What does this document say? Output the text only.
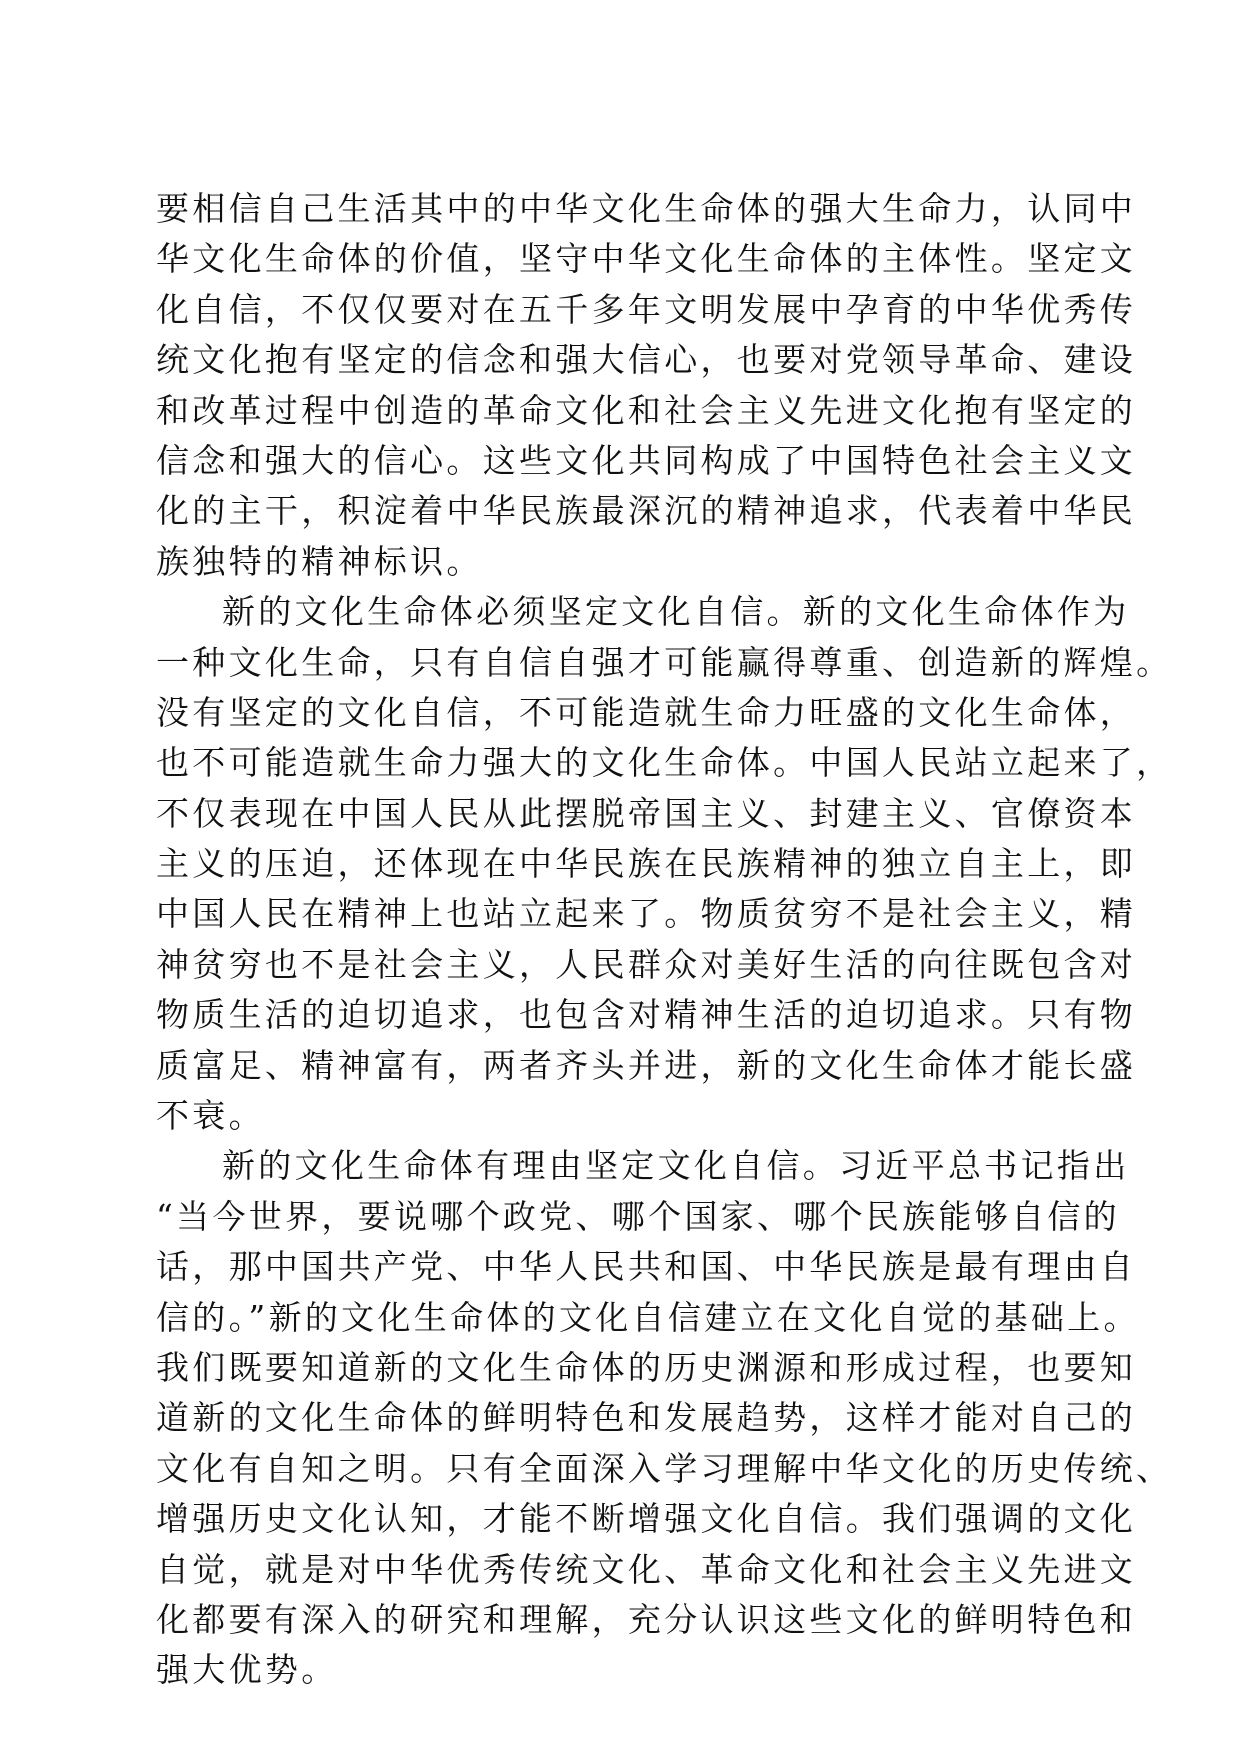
要相信自己生活其中的中华文化生命体的强大生命力，认同中
华文化生命体的价值，坚守中华文化生命体的主体性。坚定文
化自信，不仅仅要对在五千多年文明发展中孕育的中华优秀传
统文化抱有坚定的信念和强大信心，也要对党领导革命、建设
和改革过程中创造的革命文化和社会主义先进文化抱有坚定的
信念和强大的信心。这些文化共同构成了中国特色社会主义文
化的主干，积淀着中华民族最深沉的精神追求，代表着中华民
族独特的精神标识。
新的文化生命体必须坚定文化自信。新的文化生命体作为
一种文化生命，只有自信自强才可能赢得尊重、创造新的辉煌。
没有坚定的文化自信，不可能造就生命力旺盛的文化生命体，
也不可能造就生命力强大的文化生命体。中国人民站立起来了，
不仅表现在中国人民从此摆脱帝国主义、封建主义、官僚资本
主义的压迫，还体现在中华民族在民族精神的独立自主上，即
中国人民在精神上也站立起来了。物质贫穷不是社会主义，精
神贫穷也不是社会主义，人民群众对美好生活的向往既包含对
物质生活的迫切追求，也包含对精神生活的迫切追求。只有物
质富足、精神富有，两者齐头并进，新的文化生命体才能长盛
不衰。
新的文化生命体有理由坚定文化自信。习近平总书记指出
“当今世界，要说哪个政党、哪个国家、哪个民族能够自信的
话，那中国共产党、中华人民共和国、中华民族是最有理由自
信的。”新的文化生命体的文化自信建立在文化自觉的基础上。
我们既要知道新的文化生命体的历史渊源和形成过程，也要知
道新的文化生命体的鲜明特色和发展趋势，这样才能对自己的
文化有自知之明。只有全面深入学习理解中华文化的历史传统、
增强历史文化认知，才能不断增强文化自信。我们强调的文化
自觉，就是对中华优秀传统文化、革命文化和社会主义先进文
化都要有深入的研究和理解，充分认识这些文化的鲜明特色和
强大优势。
